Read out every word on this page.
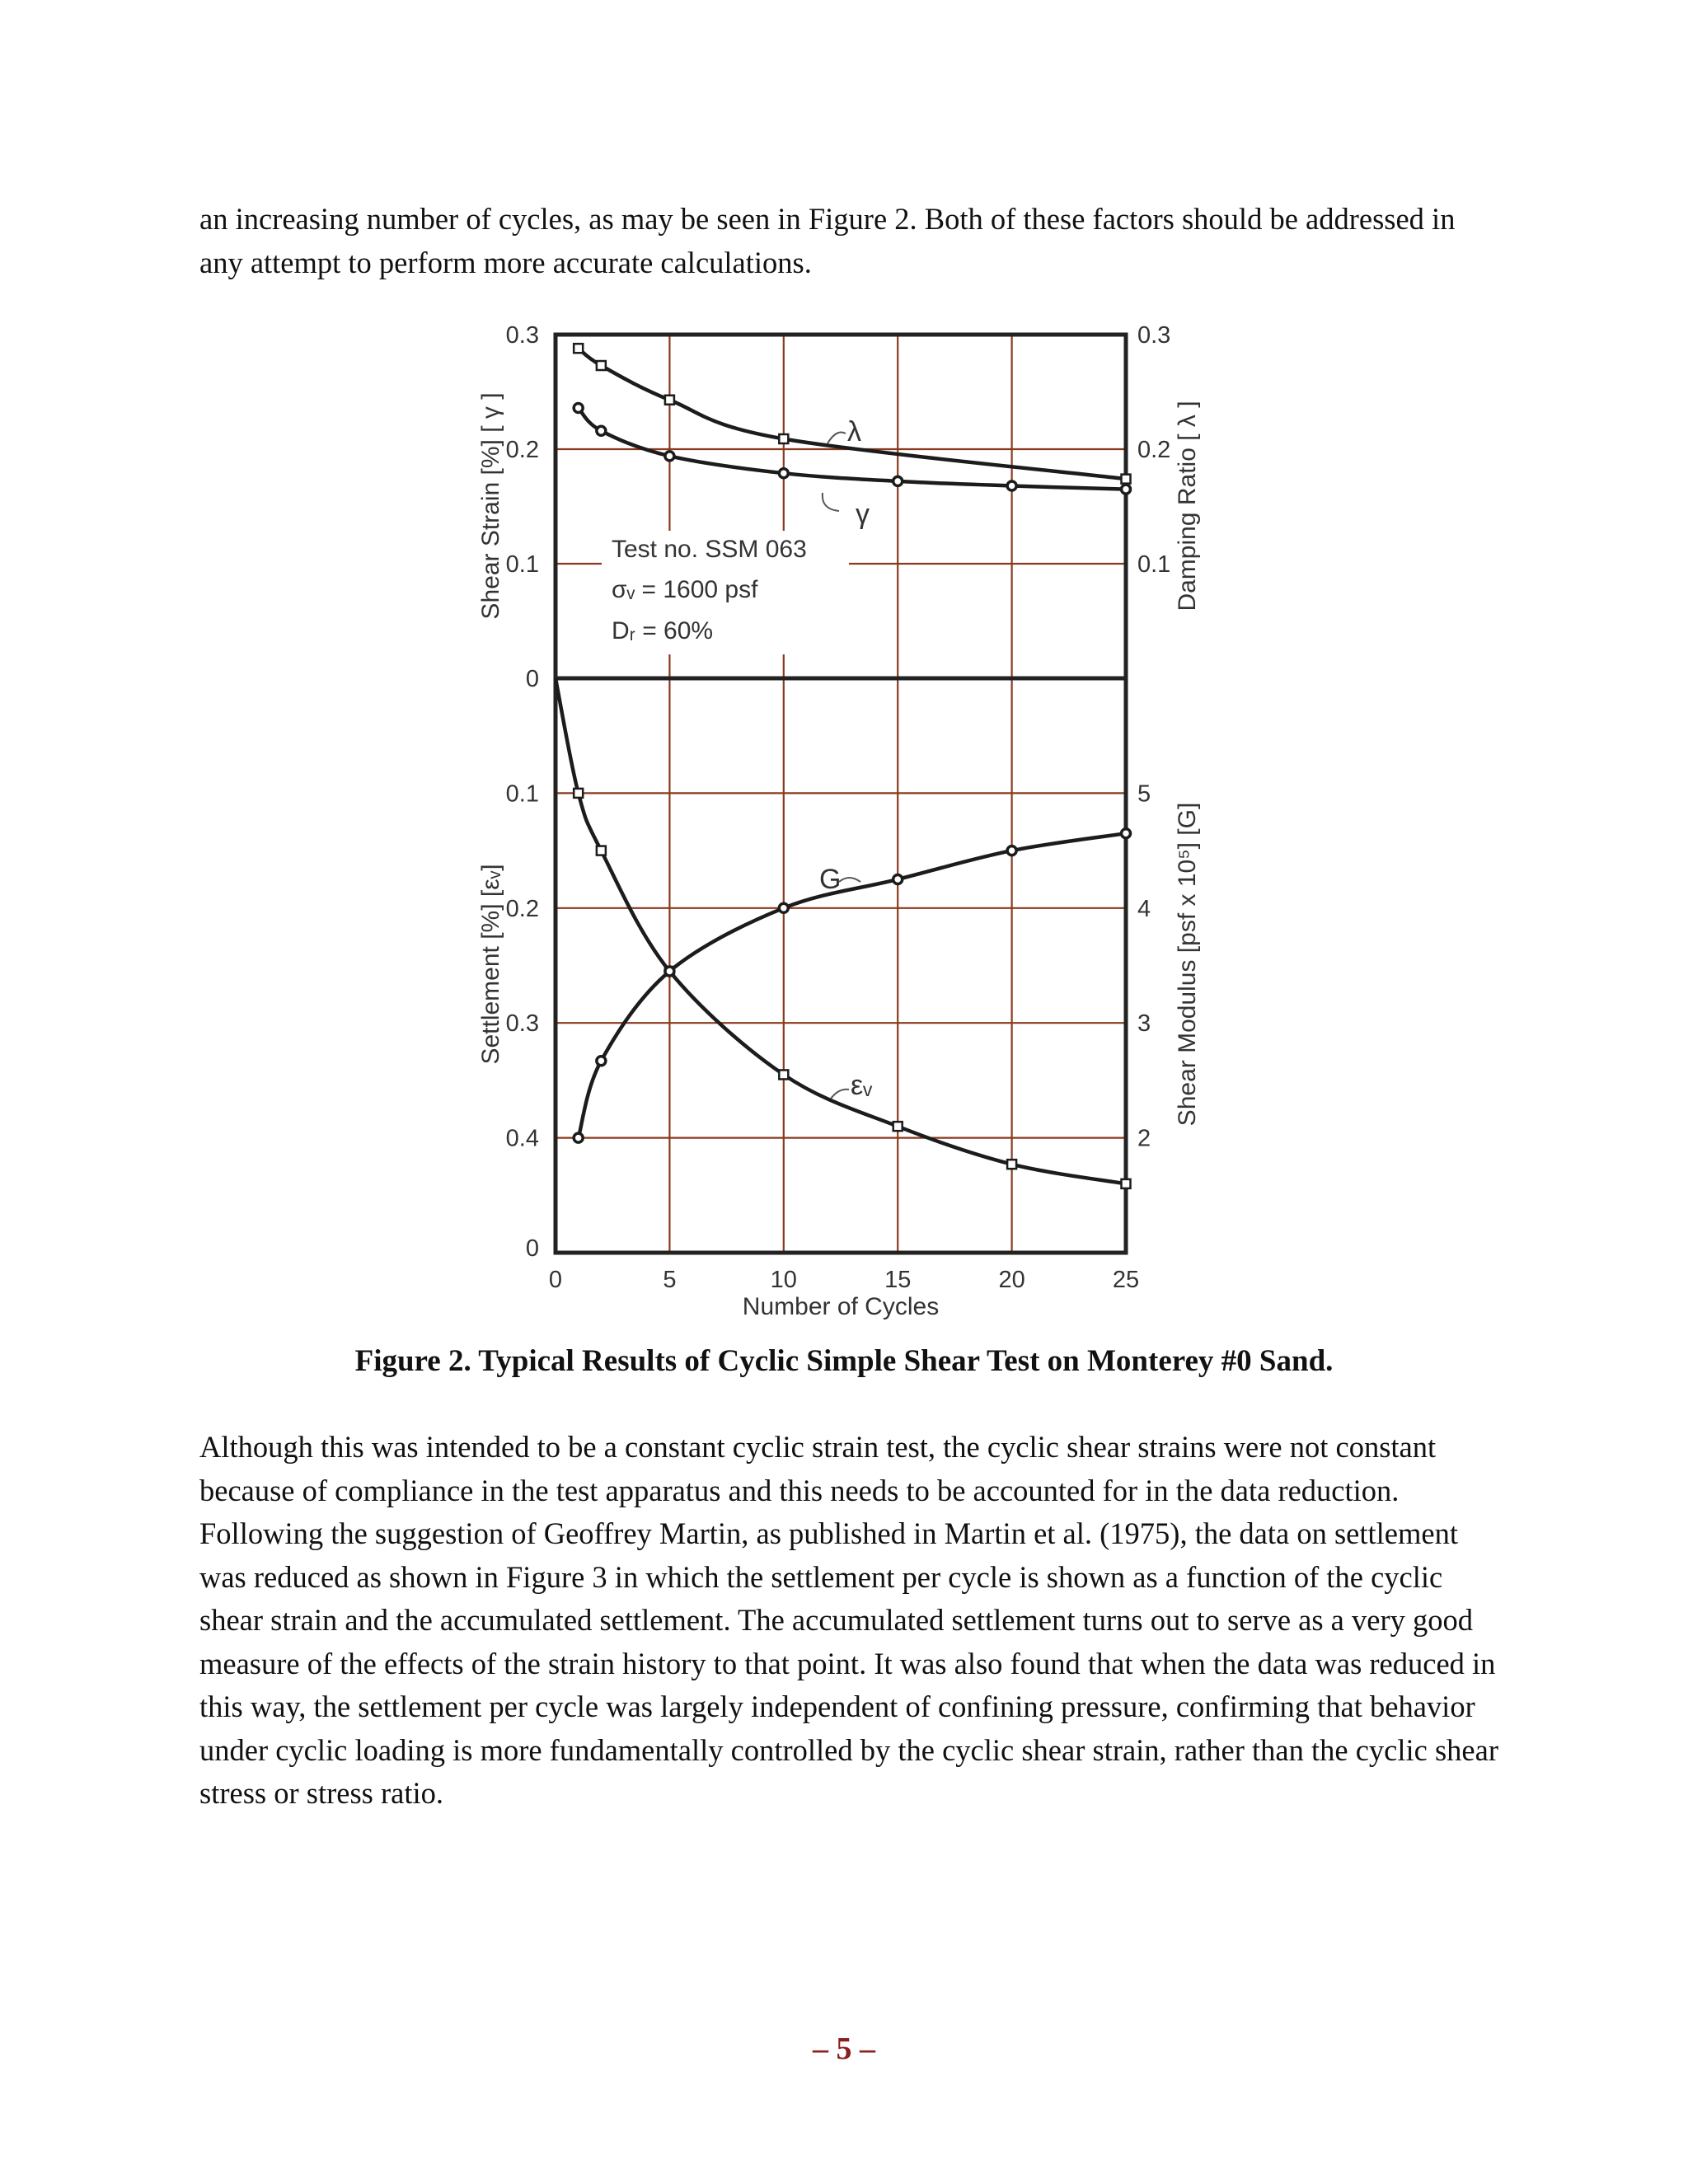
an increasing number of cycles, as may be seen in Figure 2. Both of these factors should be addressed in any attempt to perform more accurate calculations.

0	5	10	15	20	25
0
0.1
0.2
0.3
0.1
0.2
0.3
0.1
0.2
0.3
0.4
0
5
4
3
2
Number of Cycles
Shear Strain [%] [ γ ]	Damping Ratio [ λ ]
Settlement [%] [εᵥ]	Shear Modulus [psf x 10⁵] [G]
Test no. SSM 063
σᵥ = 1600 psf
Dᵣ = 60%
λ
γ
G
εᵥ

Figure 2. Typical Results of Cyclic Simple Shear Test on Monterey #0 Sand.

Although this was intended to be a constant cyclic strain test, the cyclic shear strains were not constant because of compliance in the test apparatus and this needs to be accounted for in the data reduction. Following the suggestion of Geoffrey Martin, as published in Martin et al. (1975), the data on settlement was reduced as shown in Figure 3 in which the settlement per cycle is shown as a function of the cyclic shear strain and the accumulated settlement. The accumulated settlement turns out to serve as a very good measure of the effects of the strain history to that point. It was also found that when the data was reduced in this way, the settlement per cycle was largely independent of confining pressure, confirming that behavior under cyclic loading is more fundamentally controlled by the cyclic shear strain, rather than the cyclic shear stress or stress ratio.

– 5 –
